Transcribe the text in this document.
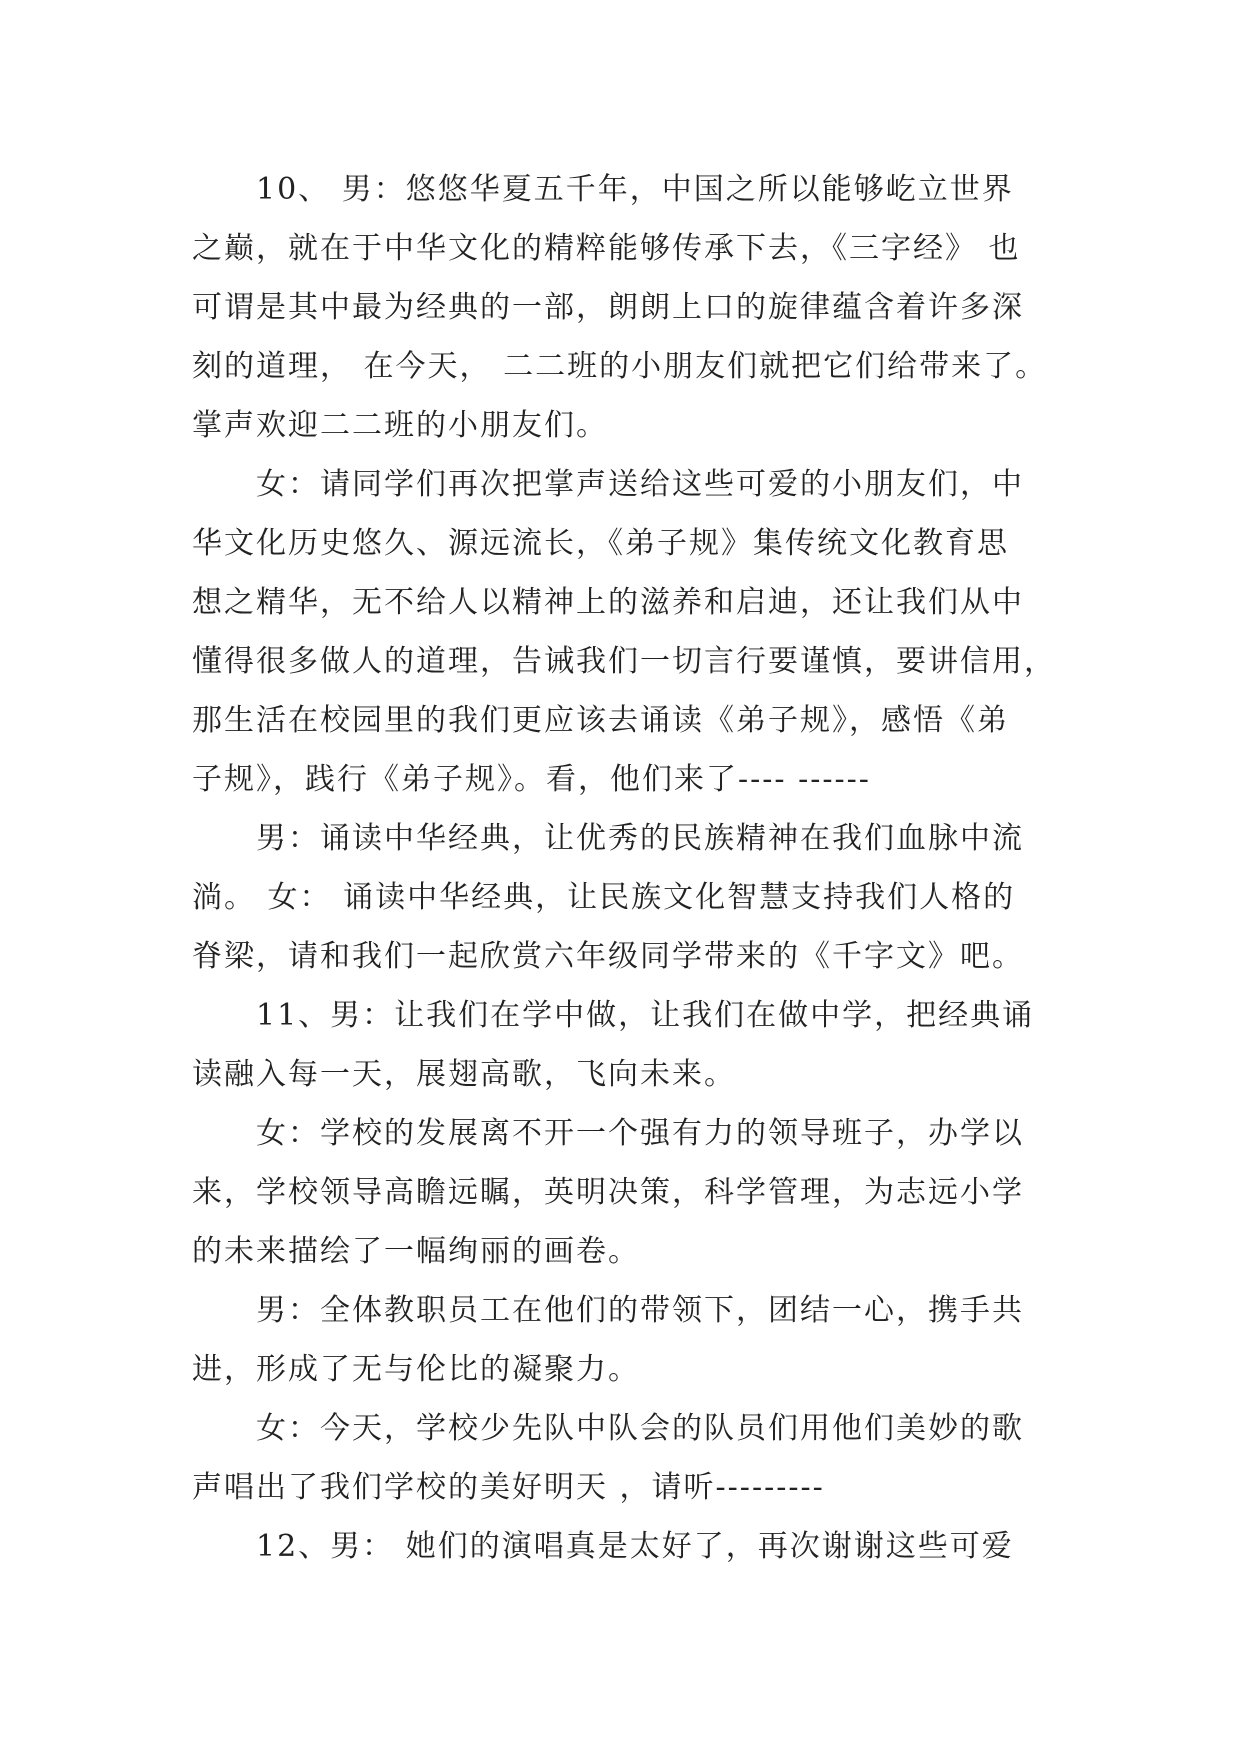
10、 男：悠悠华夏五千年，中国之所以能够屹立世界
之巅，就在于中华文化的精粹能够传承下去，《三字经》 也
可谓是其中最为经典的一部，朗朗上口的旋律蕴含着许多深
刻的道理， 在今天， 二二班的小朋友们就把它们给带来了。
掌声欢迎二二班的小朋友们。
女：请同学们再次把掌声送给这些可爱的小朋友们，中
华文化历史悠久、源远流长，《弟子规》集传统文化教育思
想之精华，无不给人以精神上的滋养和启迪，还让我们从中
懂得很多做人的道理，告诫我们一切言行要谨慎，要讲信用，
那生活在校园里的我们更应该去诵读《弟子规》，感悟《弟
子规》，践行《弟子规》。看，他们来了---- ------
男：诵读中华经典，让优秀的民族精神在我们血脉中流
淌。 女： 诵读中华经典，让民族文化智慧支持我们人格的
脊梁，请和我们一起欣赏六年级同学带来的《千字文》吧。
11、男：让我们在学中做，让我们在做中学，把经典诵
读融入每一天，展翅高歌，飞向未来。
女：学校的发展离不开一个强有力的领导班子，办学以
来，学校领导高瞻远瞩，英明决策，科学管理，为志远小学
的未来描绘了一幅绚丽的画卷。
男：全体教职员工在他们的带领下，团结一心，携手共
进，形成了无与伦比的凝聚力。
女：今天，学校少先队中队会的队员们用他们美妙的歌
声唱出了我们学校的美好明天 ，请听---------
12、男： 她们的演唱真是太好了，再次谢谢这些可爱
